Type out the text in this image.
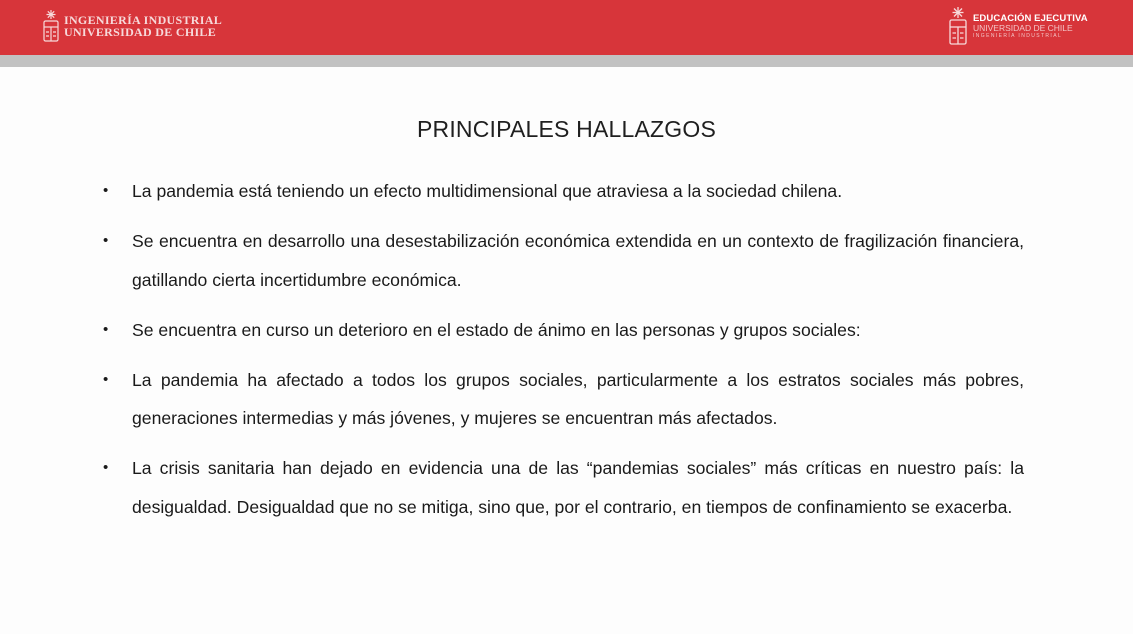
INGENIERÍA INDUSTRIAL
UNIVERSIDAD DE CHILE
EDUCACIÓN EJECUTIVA
UNIVERSIDAD DE CHILE
INGENIERÍA INDUSTRIAL
PRINCIPALES HALLAZGOS
• La pandemia está teniendo un efecto multidimensional que atraviesa a la sociedad chilena.
• Se encuentra en desarrollo una desestabilización económica extendida en un contexto de fragilización financiera, gatillando cierta incertidumbre económica.
• Se encuentra en curso un deterioro en el estado de ánimo en las personas y grupos sociales:
• La pandemia ha afectado a todos los grupos sociales, particularmente a los estratos sociales más pobres, generaciones intermedias y más jóvenes, y mujeres se encuentran más afectados.
• La crisis sanitaria han dejado en evidencia una de las “pandemias sociales” más críticas en nuestro país: la desigualdad. Desigualdad que no se mitiga, sino que, por el contrario, en tiempos de confinamiento se exacerba.
